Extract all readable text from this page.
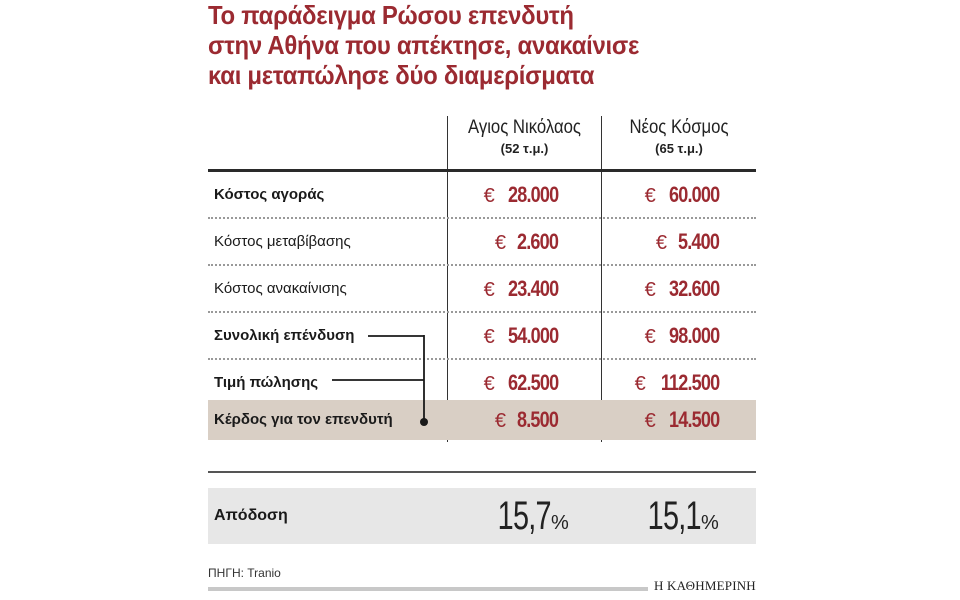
Το παράδειγμα Ρώσου επενδυτή
στην Αθήνα που απέκτησε, ανακαίνισε
και μεταπώλησε δύο διαμερίσματα
Αγιος Νικόλαος
(52 τ.μ.)
Νέος Κόσμος
(65 τ.μ.)
Κόστος αγοράς	€ 28.000	€ 60.000
Κόστος μεταβίβασης	€ 2.600	€ 5.400
Κόστος ανακαίνισης	€ 23.400	€ 32.600
Συνολική επένδυση	€ 54.000	€ 98.000
Τιμή πώλησης	€ 62.500	€ 112.500
Κέρδος για τον επενδυτή	€ 8.500	€ 14.500
Απόδοση	15,7%	15,1%
ΠΗΓΗ: Tranio
Η ΚΑΘΗΜΕΡΙΝΗ
